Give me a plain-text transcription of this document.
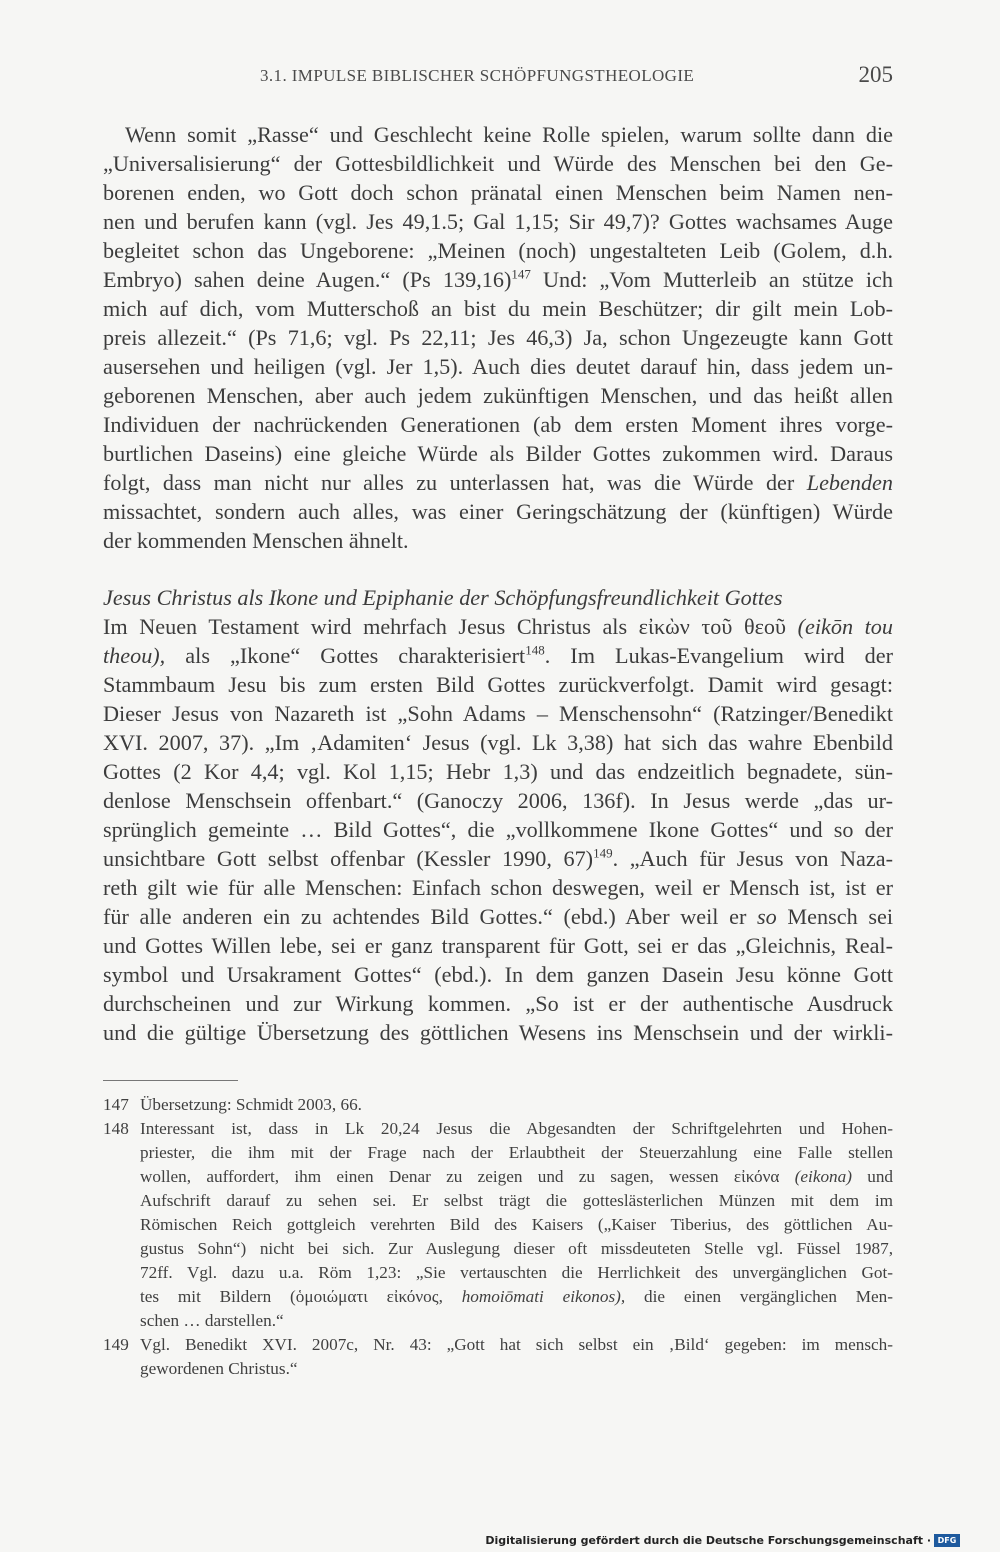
3.1. IMPULSE BIBLISCHER SCHÖPFUNGSTHEOLOGIE	205
Wenn somit „Rasse“ und Geschlecht keine Rolle spielen, warum sollte dann die
„Universalisierung“ der Gottesbildlichkeit und Würde des Menschen bei den Ge-
borenen enden, wo Gott doch schon pränatal einen Menschen beim Namen nen-
nen und berufen kann (vgl. Jes 49,1.5; Gal 1,15; Sir 49,7)? Gottes wachsames Auge
begleitet schon das Ungeborene: „Meinen (noch) ungestalteten Leib (Golem, d.h.
Embryo) sahen deine Augen.“ (Ps 139,16)$^{147}$ Und: „Vom Mutterleib an stütze ich
mich auf dich, vom Mutterschoß an bist du mein Beschützer; dir gilt mein Lob-
preis allezeit.“ (Ps 71,6; vgl. Ps 22,11; Jes 46,3) Ja, schon Ungezeugte kann Gott
ausersehen und heiligen (vgl. Jer 1,5). Auch dies deutet darauf hin, dass jedem un-
geborenen Menschen, aber auch jedem zukünftigen Menschen, und das heißt allen
Individuen der nachrückenden Generationen (ab dem ersten Moment ihres vorge-
burtlichen Daseins) eine gleiche Würde als Bilder Gottes zukommen wird. Daraus
folgt, dass man nicht nur alles zu unterlassen hat, was die Würde der Lebenden
missachtet, sondern auch alles, was einer Geringschätzung der (künftigen) Würde
der kommenden Menschen ähnelt.
Jesus Christus als Ikone und Epiphanie der Schöpfungsfreundlichkeit Gottes
Im Neuen Testament wird mehrfach Jesus Christus als εἰκὼν τοῦ θεοῦ (eikōn tou
theou), als „Ikone“ Gottes charakterisiert$^{148}$. Im Lukas-Evangelium wird der
Stammbaum Jesu bis zum ersten Bild Gottes zurückverfolgt. Damit wird gesagt:
Dieser Jesus von Nazareth ist „Sohn Adams – Menschensohn“ (Ratzinger/Benedikt
XVI. 2007, 37). „Im ‚Adamiten‘ Jesus (vgl. Lk 3,38) hat sich das wahre Ebenbild
Gottes (2 Kor 4,4; vgl. Kol 1,15; Hebr 1,3) und das endzeitlich begnadete, sün-
denlose Menschsein offenbart.“ (Ganoczy 2006, 136f). In Jesus werde „das ur-
sprünglich gemeinte … Bild Gottes“, die „vollkommene Ikone Gottes“ und so der
unsichtbare Gott selbst offenbar (Kessler 1990, 67)$^{149}$. „Auch für Jesus von Naza-
reth gilt wie für alle Menschen: Einfach schon deswegen, weil er Mensch ist, ist er
für alle anderen ein zu achtendes Bild Gottes.“ (ebd.) Aber weil er so Mensch sei
und Gottes Willen lebe, sei er ganz transparent für Gott, sei er das „Gleichnis, Real-
symbol und Ursakrament Gottes“ (ebd.). In dem ganzen Dasein Jesu könne Gott
durchscheinen und zur Wirkung kommen. „So ist er der authentische Ausdruck
und die gültige Übersetzung des göttlichen Wesens ins Menschsein und der wirkli-
147 Übersetzung: Schmidt 2003, 66.
148 Interessant ist, dass in Lk 20,24 Jesus die Abgesandten der Schriftgelehrten und Hohen-
priester, die ihm mit der Frage nach der Erlaubtheit der Steuerzahlung eine Falle stellen
wollen, auffordert, ihm einen Denar zu zeigen und zu sagen, wessen εἰκόνα (eikona) und
Aufschrift darauf zu sehen sei. Er selbst trägt die gotteslästerlichen Münzen mit dem im
Römischen Reich gottgleich verehrten Bild des Kaisers („Kaiser Tiberius, des göttlichen Au-
gustus Sohn“) nicht bei sich. Zur Auslegung dieser oft missdeuteten Stelle vgl. Füssel 1987,
72ff. Vgl. dazu u.a. Röm 1,23: „Sie vertauschten die Herrlichkeit des unvergänglichen Got-
tes mit Bildern (ὁμοιώματι εἰκόνος, homoiōmati eikonos), die einen vergänglichen Men-
schen … darstellen.“
149 Vgl. Benedikt XVI. 2007c, Nr. 43: „Gott hat sich selbst ein ‚Bild‘ gegeben: im mensch-
gewordenen Christus.“
Digitalisierung gefördert durch die Deutsche Forschungsgemeinschaft · DFG
